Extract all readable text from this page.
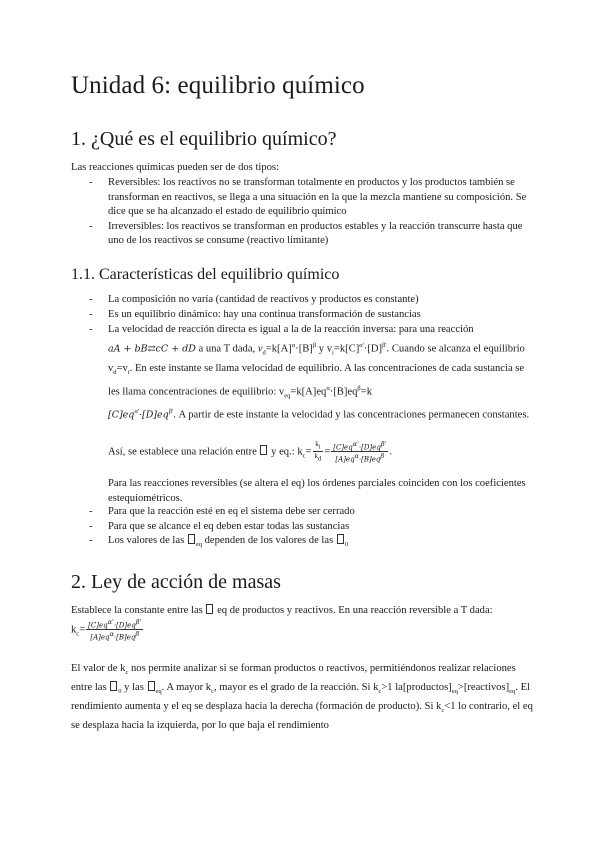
Unidad 6: equilibrio químico
1. ¿Qué es el equilibrio químico?

Las reacciones químicas pueden ser de dos tipos:

- Reversibles: los reactivos no se transforman totalmente en productos y los productos también se transforman en reactivos, se llega a una situación en la que la mezcla mantiene su composición. Se dice que se ha alcanzado el estado de equilibrio químico
- Irreversibles: los reactivos se transforman en productos estables y la reacción transcurre hasta que uno de los reactivos se consume (reactivo limitante)
1.1. Características del equilibrio químico
- La composición no varía (cantidad de reactivos y productos es constante)
- Es un equilibrio dinámico: hay una continua transformación de sustancias
- La velocidad de reacción directa es igual a la de la reacción inversa: para una reacción
aA + bB⇄cC + dD a una T dada, $v_d=k[A]^\alpha\cdot[B]^\beta$ y $v_i=k[C]^{\alpha'}\cdot[D]^{\beta'}$. Cuando se alcanza el equilibrio $v_d=v_i$. En este instante se llama velocidad de equilibrio. A las concentraciones de cada sustancia se les llama concentraciones de equilibrio: $v_{eq}=k[A]eq^\alpha\cdot[B]eq^\beta=k$
$[C]eq^{\alpha'}\cdot[D]eq^{\beta'}$. A partir de este instante la velocidad y las concentraciones permanecen constantes.

Así, se establece una relación entre  y eq.: $k_c= \frac{ki}{kd} = \frac{\text{[C]eqα'·[D]eqβ'}}{\text{[A]eqα·[B]eqβ}}$ .

Para las reacciones reversibles (se altera el eq) los órdenes parciales coinciden con los coeficientes estequiométricos.

- Para que la reacción esté en eq el sistema debe ser cerrado
- Para que se alcance el eq deben estar todas las sustancias
- Los valores de las $_{eq}$ dependen de los valores de las $_0$
2. Ley de acción de masas

Establece la constante entre las  eq de productos y reactivos. En una reacción reversible a T dada:
$k_c= \frac{\text{[C]eqα'·[D]eqβ'}}{\text{[A]eqα·[B]eqβ}}$

El valor de $k_c$ nos permite analizar si se forman productos o reactivos, permitiéndonos realizar relaciones entre las $_0$ y las $_{eq}$. A mayor $k_c$, mayor es el grado de la reacción. Si $k_c>1$ $la[productos]_{eq}>[reactivos]_{eq}$. El rendimiento aumenta y el eq se desplaza hacia la derecha (formación de producto). Si $k_c<1$ lo contrario, el eq se desplaza hacia la izquierda, por lo que baja el rendimiento
